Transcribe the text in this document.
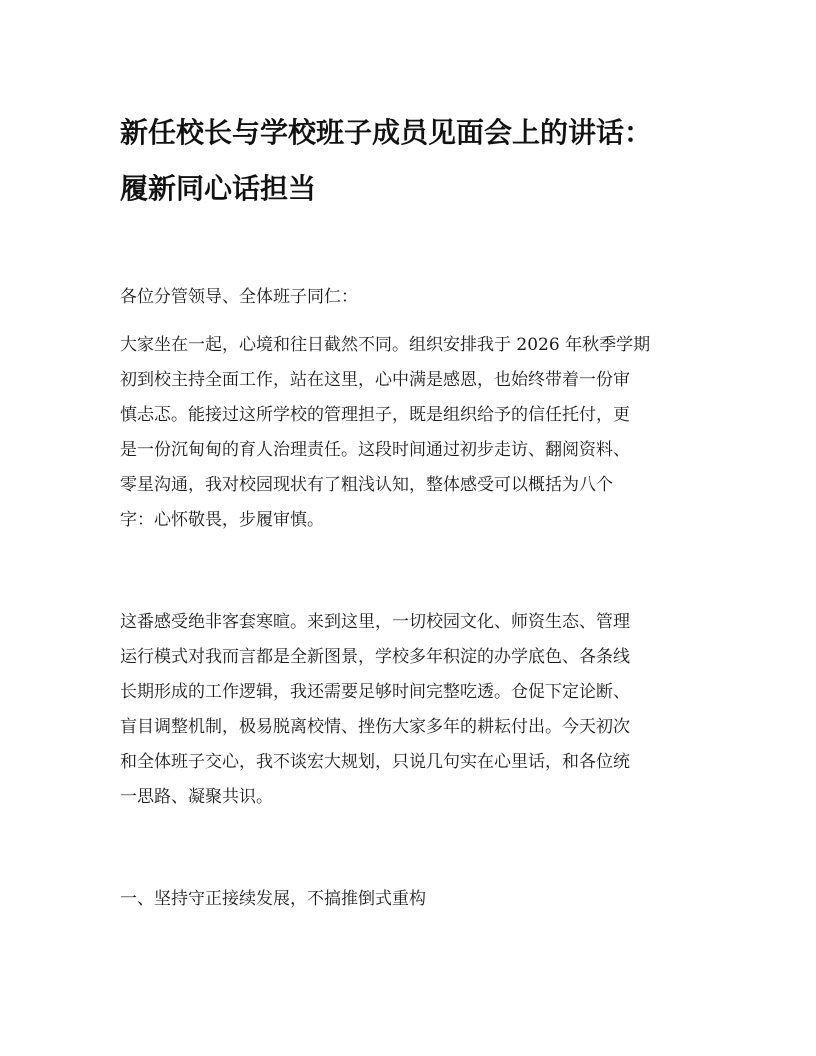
新任校长与学校班子成员见面会上的讲话：
履新同心话担当

各位分管领导、全体班子同仁：

大家坐在一起，心境和往日截然不同。组织安排我于 2026 年秋季学期
初到校主持全面工作，站在这里，心中满是感恩，也始终带着一份审
慎忐忑。能接过这所学校的管理担子，既是组织给予的信任托付，更
是一份沉甸甸的育人治理责任。这段时间通过初步走访、翻阅资料、
零星沟通，我对校园现状有了粗浅认知，整体感受可以概括为八个
字：心怀敬畏，步履审慎。

这番感受绝非客套寒暄。来到这里，一切校园文化、师资生态、管理
运行模式对我而言都是全新图景，学校多年积淀的办学底色、各条线
长期形成的工作逻辑，我还需要足够时间完整吃透。仓促下定论断、
盲目调整机制，极易脱离校情、挫伤大家多年的耕耘付出。今天初次
和全体班子交心，我不谈宏大规划，只说几句实在心里话，和各位统
一思路、凝聚共识。

一、坚持守正接续发展，不搞推倒式重构
